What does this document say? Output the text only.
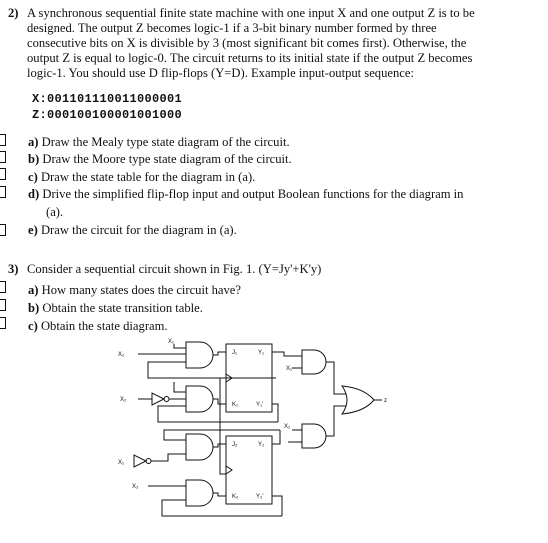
2) A synchronous sequential finite state machine with one input X and one output Z is to be
designed. The output Z becomes logic-1 if a 3-bit binary number formed by three
consecutive bits on X is divisible by 3 (most significant bit comes first). Otherwise, the
output Z is equal to logic-0. The circuit returns to its initial state if the output Z becomes
logic-1. You should use D flip-flops (Y=D). Example input-output sequence:
X:001101110011000001
Z:000100100001001000
a) Draw the Mealy type state diagram of the circuit.
b) Draw the Moore type state diagram of the circuit.
c) Draw the state table for the diagram in (a).
d) Drive the simplified flip-flop input and output Boolean functions for the diagram in
(a).
e) Draw the circuit for the diagram in (a).
3) Consider a sequential circuit shown in Fig. 1. (Y=Jy'+K'y)
a) How many states does the circuit have?
b) Obtain the state transition table.
c) Obtain the state diagram.
X₂
X₁
X₂
X₁
X₂
J₁	Y₁
K₁	Y₁'
J₂	Y₂
K₂	Y₂'
X₁
X₂
z
